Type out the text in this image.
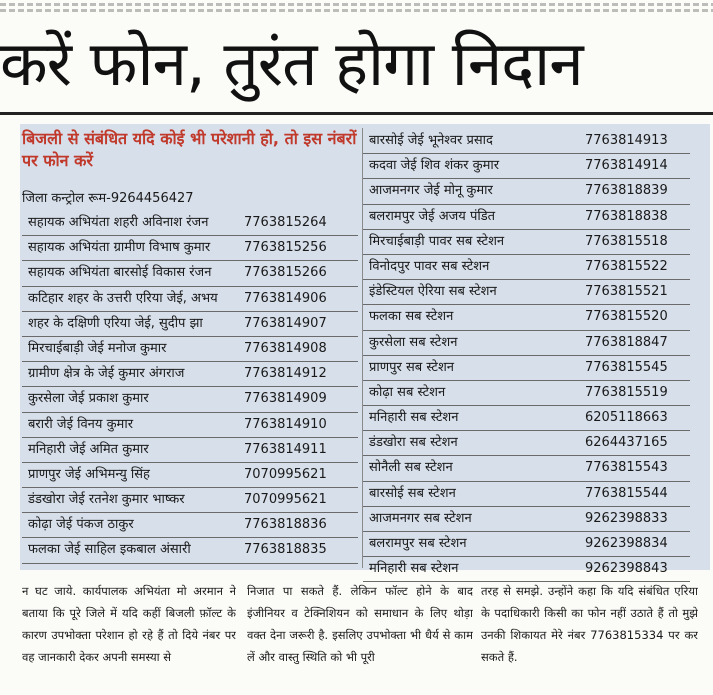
करें फोन, तुरंत होगा निदान
बिजली से संबंधित यदि कोई भी परेशानी हो, तो इस नंबरों पर फोन करें
जिला कन्ट्रोल रूम-9264456427
सहायक अभियंता शहरी अविनाश रंजन	7763815264
सहायक अभियंता ग्रामीण विभाष कुमार	7763815256
सहायक अभियंता बारसोई विकास रंजन	7763815266
कटिहार शहर के उत्तरी एरिया जेई, अभय 7763814906
शहर के दक्षिणी एरिया जेई, सुदीप झा	7763814907
मिरचाईबाड़ी जेई मनोज कुमार	7763814908
ग्रामीण क्षेत्र के जेई कुमार अंगराज	7763814912
कुरसेला जेई प्रकाश कुमार	7763814909
बरारी जेई विनय कुमार	7763814910
मनिहारी जेई अमित कुमार	7763814911
प्राणपुर जेई अभिमन्यु सिंह	7070995621
डंडखोरा जेई रतनेश कुमार भाष्कर	7070995621
कोढ़ा जेई पंकज ठाकुर	7763818836
फलका जेई साहिल इकबाल अंसारी	7763818835
बारसोई जेई भूनेश्वर प्रसाद	7763814913
कदवा जेई शिव शंकर कुमार	7763814914
आजमनगर जेई मोनू कुमार	7763818839
बलरामपुर जेई अजय पंडित	7763818838
मिरचाईबाड़ी पावर सब स्टेशन	7763815518
विनोदपुर पावर सब स्टेशन	7763815522
इंडेस्टियल ऐरिया सब स्टेशन	7763815521
फलका सब स्टेशन	7763815520
कुरसेला सब स्टेशन	7763818847
प्राणपुर सब स्टेशन	7763815545
कोढ़ा सब स्टेशन	7763815519
मनिहारी सब स्टेशन	6205118663
डंडखोरा सब स्टेशन	6264437165
सोनैली सब स्टेशन	7763815543
बारसोई सब स्टेशन	7763815544
आजमनगर सब स्टेशन	9262398833
बलरामपुर सब स्टेशन	9262398834
मनिहारी सब स्टेशन	9262398843

न घट जाये. कार्यपालक अभियंता मो अरमान ने बताया कि पूरे जिले में यदि कहीं बिजली फ़ॉल्ट के कारण उपभोक्ता परेशान हो रहे हैं तो दिये नंबर पर वह जानकारी देकर अपनी समस्या से

निजात पा सकते हैं. लेकिन फॉल्ट होने के बाद इंजीनियर व टेक्निशियन को समाधान के लिए थोड़ा वक्त देना जरूरी है. इसलिए उपभोक्ता भी धैर्य से काम लें और वास्तु स्थिति को भी पूरी

तरह से समझे. उन्होंने कहा कि यदि संबंधित एरिया के पदाधिकारी किसी का फोन नहीं उठाते हैं तो मुझे उनकी शिकायत मेरे नंबर 7763815334 पर कर सकते हैं.
